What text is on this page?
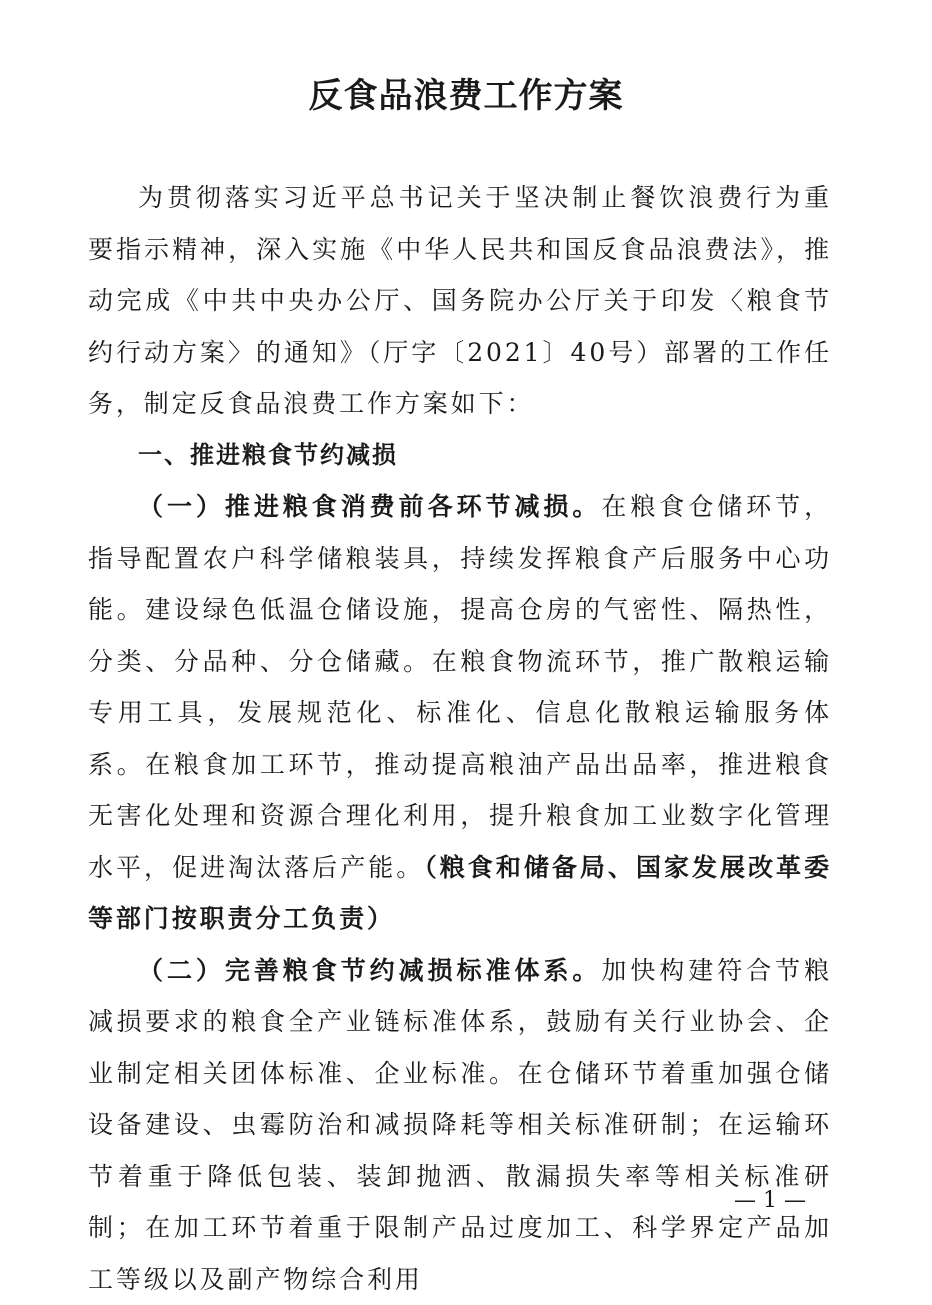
反食品浪费工作方案

为贯彻落实习近平总书记关于坚决制止餐饮浪费行为重要指示精神，深入实施《中华人民共和国反食品浪费法》，推动完成《中共中央办公厅、国务院办公厅关于印发〈粮食节约行动方案〉的通知》（厅字〔2021〕40号）部署的工作任务，制定反食品浪费工作方案如下：

一、推进粮食节约减损

（一）推进粮食消费前各环节减损。在粮食仓储环节，指导配置农户科学储粮装具，持续发挥粮食产后服务中心功能。建设绿色低温仓储设施，提高仓房的气密性、隔热性，分类、分品种、分仓储藏。在粮食物流环节，推广散粮运输专用工具，发展规范化、标准化、信息化散粮运输服务体系。在粮食加工环节，推动提高粮油产品出品率，推进粮食无害化处理和资源合理化利用，提升粮食加工业数字化管理水平，促进淘汰落后产能。（粮食和储备局、国家发展改革委等部门按职责分工负责）

（二）完善粮食节约减损标准体系。加快构建符合节粮减损要求的粮食全产业链标准体系，鼓励有关行业协会、企业制定相关团体标准、企业标准。在仓储环节着重加强仓储设备建设、虫霉防治和减损降耗等相关标准研制；在运输环节着重于降低包装、装卸抛洒、散漏损失率等相关标准研制；在加工环节着重于限制产品过度加工、科学界定产品加工等级以及副产物综合利用

— 1 —
